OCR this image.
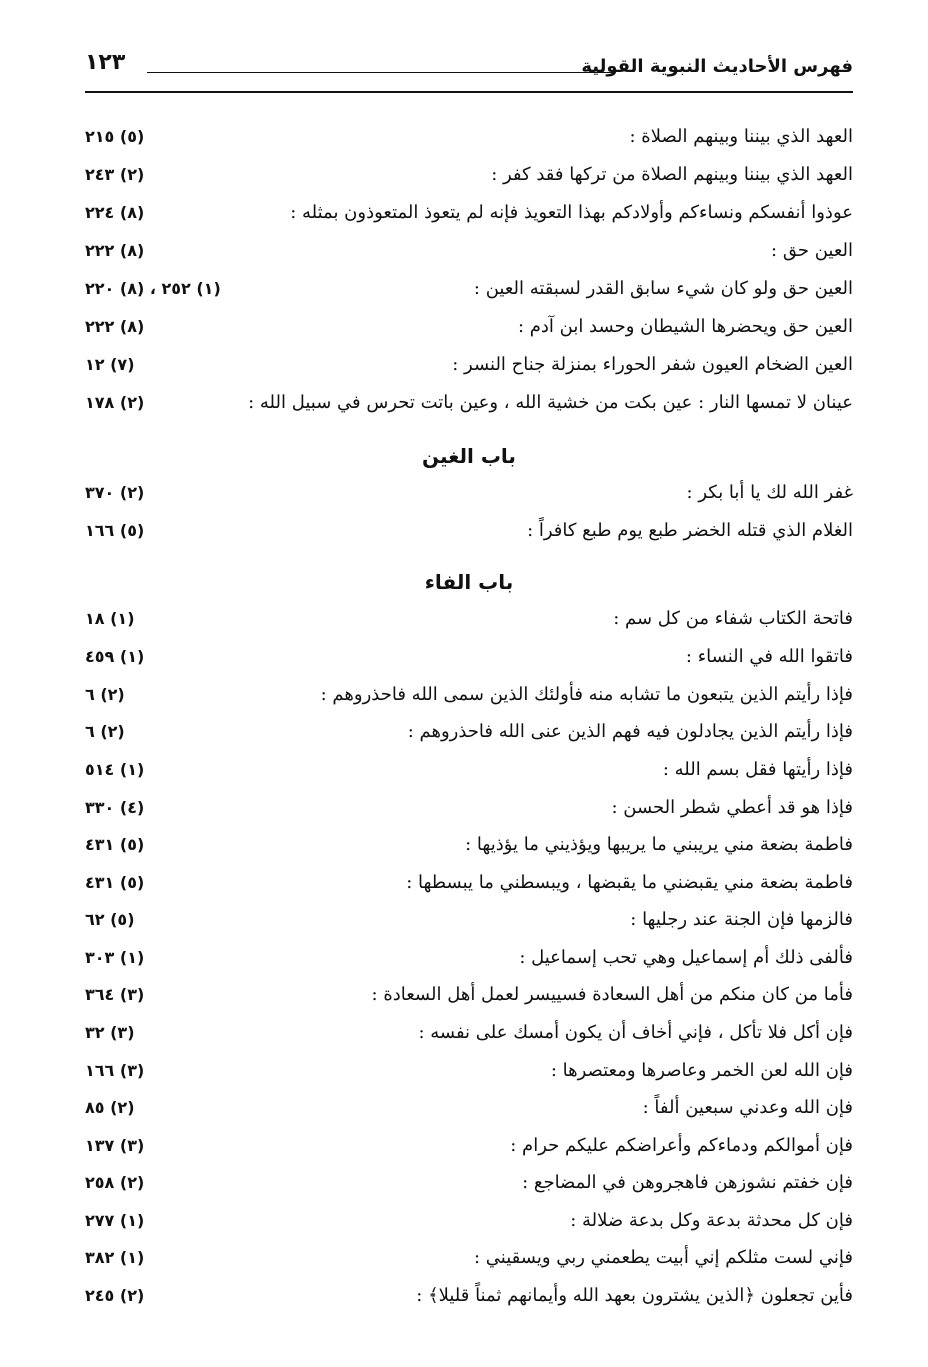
فهرس الأحاديث النبوية القولية
١٢٣
العهد الذي بيننا وبينهم الصلاة :
(٥) ٢١٥
العهد الذي بيننا وبينهم الصلاة من تركها فقد كفر :
(٢) ٢٤٣
عوذوا أنفسكم ونساءكم وأولادكم بهذا التعويذ فإنه لم يتعوذ المتعوذون بمثله :
(٨) ٢٢٤
العين حق :
(٨) ٢٢٢
العين حق ولو كان شيء سابق القدر لسبقته العين :
(١) ٢٥٢ ، (٨) ٢٢٠
العين حق ويحضرها الشيطان وحسد ابن آدم :
(٨) ٢٢٢
العين الضخام العيون شفر الحوراء بمنزلة جناح النسر :
(٧) ١٢
عينان لا تمسها النار : عين بكت من خشية الله ، وعين باتت تحرس في سبيل الله :
(٢) ١٧٨
باب الغين
غفر الله لك يا أبا بكر :
(٢) ٣٧٠
الغلام الذي قتله الخضر طبع يوم طبع كافراً :
(٥) ١٦٦
باب الفاء
فاتحة الكتاب شفاء من كل سم :
(١) ١٨
فاتقوا الله في النساء :
(١) ٤٥٩
فإذا رأيتم الذين يتبعون ما تشابه منه فأولئك الذين سمى الله فاحذروهم :
(٢) ٦
فإذا رأيتم الذين يجادلون فيه فهم الذين عنى الله فاحذروهم :
(٢) ٦
فإذا رأيتها فقل بسم الله :
(١) ٥١٤
فإذا هو قد أعطي شطر الحسن :
(٤) ٣٣٠
فاطمة بضعة مني يريبني ما يريبها ويؤذيني ما يؤذيها :
(٥) ٤٣١
فاطمة بضعة مني يقبضني ما يقبضها ، ويبسطني ما يبسطها :
(٥) ٤٣١
فالزمها فإن الجنة عند رجليها :
(٥) ٦٢
فألفى ذلك أم إسماعيل وهي تحب إسماعيل :
(١) ٣٠٣
فأما من كان منكم من أهل السعادة فسييسر لعمل أهل السعادة :
(٣) ٣٦٤
فإن أكل فلا تأكل ، فإني أخاف أن يكون أمسك على نفسه :
(٣) ٣٢
فإن الله لعن الخمر وعاصرها ومعتصرها :
(٣) ١٦٦
فإن الله وعدني سبعين ألفاً :
(٢) ٨٥
فإن أموالكم ودماءكم وأعراضكم عليكم حرام :
(٣) ١٣٧
فإن خفتم نشوزهن فاهجروهن في المضاجع :
(٢) ٢٥٨
فإن كل محدثة بدعة وكل بدعة ضلالة :
(١) ٢٧٧
فإني لست مثلكم إني أبيت يطعمني ربي ويسقيني :
(١) ٣٨٢
فأين تجعلون ﴿الذين يشترون بعهد الله وأيمانهم ثمناً قليلا﴾ :
(٢) ٢٤٥
